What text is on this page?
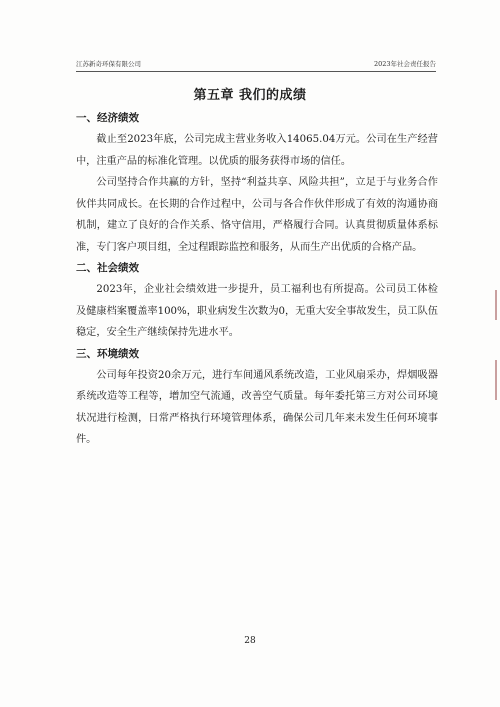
江苏新奇环保有限公司	2023年社会责任报告
第五章 我们的成绩
一、经济绩效

截止至2023年底，公司完成主营业务收入14065.04万元。公司在生产经营中，注重产品的标准化管理。以优质的服务获得市场的信任。

公司坚持合作共赢的方针，坚持“利益共享、风险共担”，立足于与业务合作伙伴共同成长。在长期的合作过程中，公司与各合作伙伴形成了有效的沟通协商机制，建立了良好的合作关系、恪守信用，严格履行合同。认真贯彻质量体系标准，专门客户项目组，全过程跟踪监控和服务，从而生产出优质的合格产品。

二、社会绩效

2023年，企业社会绩效进一步提升，员工福利也有所提高。公司员工体检及健康档案覆盖率100%，职业病发生次数为0，无重大安全事故发生，员工队伍稳定，安全生产继续保持先进水平。

三、环境绩效

公司每年投资20余万元，进行车间通风系统改造，工业风扇采办，焊烟吸器系统改造等工程等，增加空气流通，改善空气质量。每年委托第三方对公司环境状况进行检测，日常严格执行环境管理体系，确保公司几年来未发生任何环境事件。

28
